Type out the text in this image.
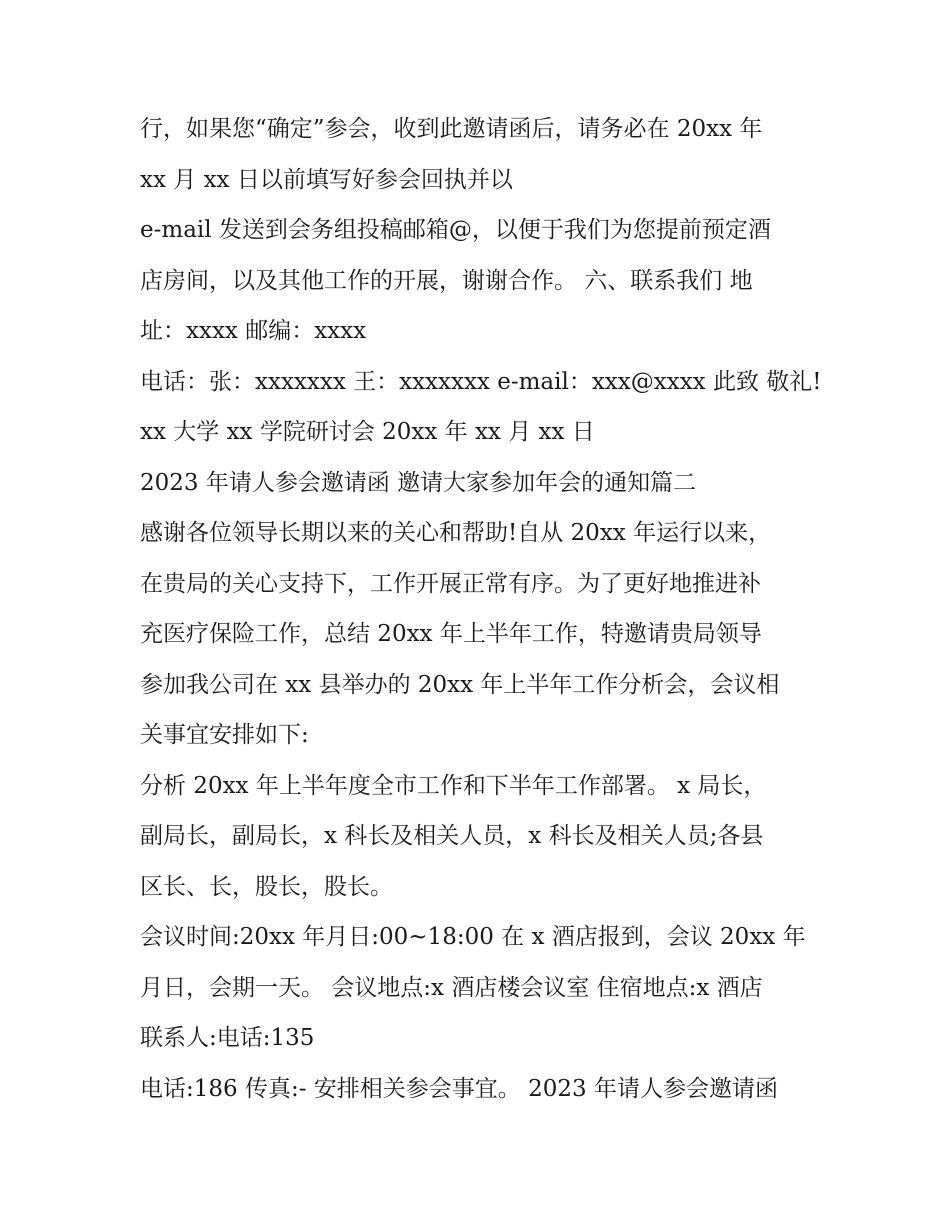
行，如果您“确定”参会，收到此邀请函后，请务必在 20xx 年
xx 月 xx 日以前填写好参会回执并以
e-mail 发送到会务组投稿邮箱@，以便于我们为您提前预定酒
店房间，以及其他工作的开展，谢谢合作。 六、联系我们 地
址：xxxx 邮编：xxxx
电话：张：xxxxxxx 王：xxxxxxx e-mail：xxx@xxxx 此致 敬礼!
xx 大学 xx 学院研讨会 20xx 年 xx 月 xx 日
2023 年请人参会邀请函 邀请大家参加年会的通知篇二
感谢各位领导长期以来的关心和帮助!自从 20xx 年运行以来，
在贵局的关心支持下，工作开展正常有序。为了更好地推进补
充医疗保险工作，总结 20xx 年上半年工作，特邀请贵局领导
参加我公司在 xx 县举办的 20xx 年上半年工作分析会，会议相
关事宜安排如下:
分析 20xx 年上半年度全市工作和下半年工作部署。 x 局长，
副局长，副局长，x 科长及相关人员，x 科长及相关人员;各县
区长、长，股长，股长。
会议时间:20xx 年月日:00~18:00 在 x 酒店报到，会议 20xx 年
月日，会期一天。 会议地点:x 酒店楼会议室 住宿地点:x 酒店
联系人:电话:135
电话:186 传真:- 安排相关参会事宜。 2023 年请人参会邀请函
